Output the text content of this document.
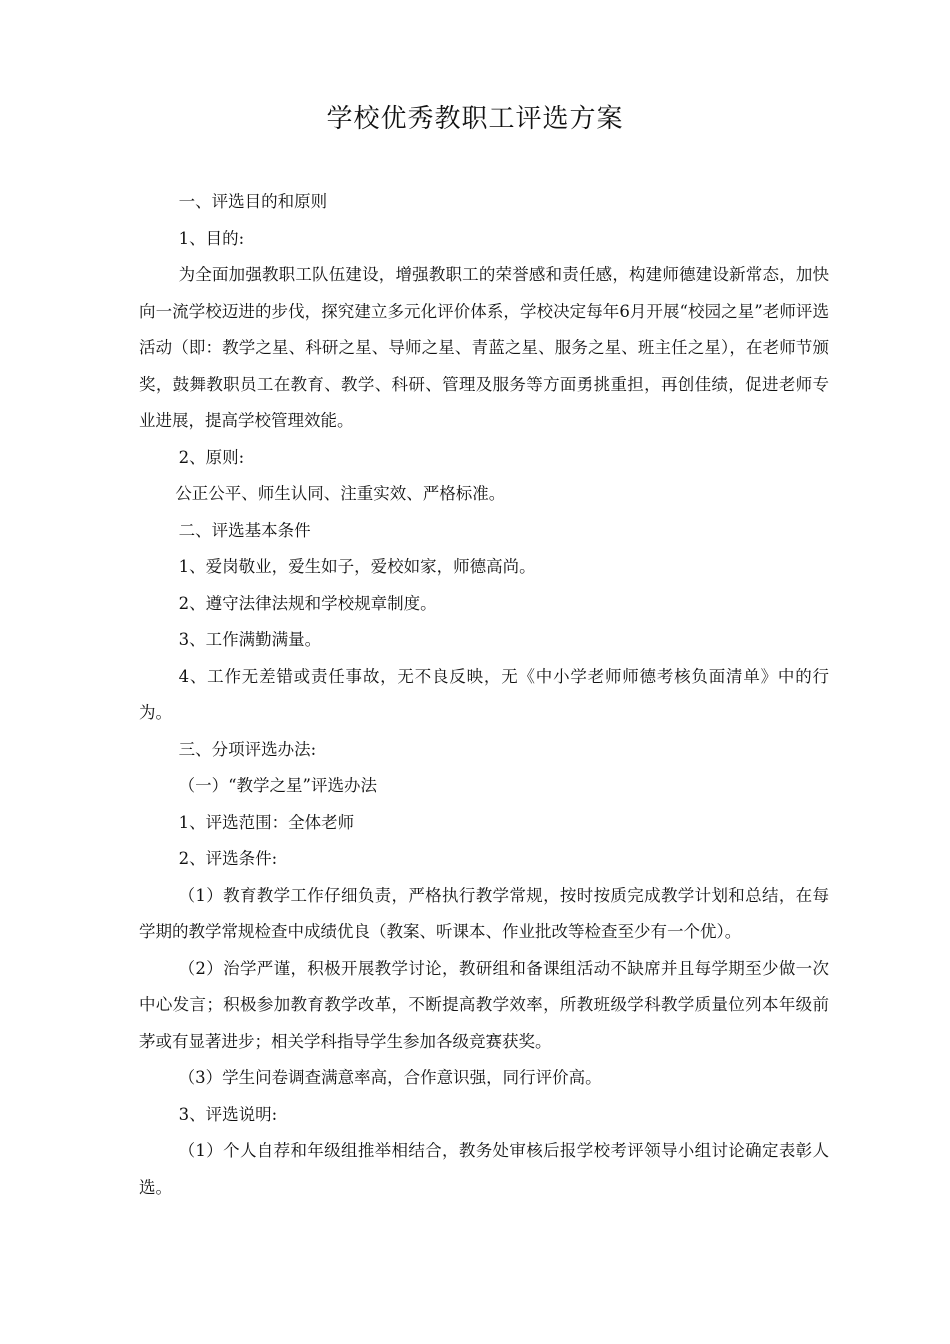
学校优秀教职工评选方案

一、评选目的和原则

1、目的:

为全面加强教职工队伍建设，增强教职工的荣誉感和责任感，构建师德建设新常态，加快向一流学校迈进的步伐，探究建立多元化评价体系，学校决定每年6月开展“校园之星”老师评选活动（即：教学之星、科研之星、导师之星、青蓝之星、服务之星、班主任之星），在老师节颁奖，鼓舞教职员工在教育、教学、科研、管理及服务等方面勇挑重担，再创佳绩，促进老师专业进展，提高学校管理效能。

2、原则:

公正公平、师生认同、注重实效、严格标准。

二、评选基本条件

1、爱岗敬业，爱生如子，爱校如家，师德高尚。

2、遵守法律法规和学校规章制度。

3、工作满勤满量。

4、工作无差错或责任事故，无不良反映，无《中小学老师师德考核负面清单》中的行为。

三、分项评选办法:

（一）“教学之星”评选办法

1、评选范围：全体老师

2、评选条件:

（1）教育教学工作仔细负责，严格执行教学常规，按时按质完成教学计划和总结，在每学期的教学常规检查中成绩优良（教案、听课本、作业批改等检查至少有一个优）。

（2）治学严谨，积极开展教学讨论，教研组和备课组活动不缺席并且每学期至少做一次中心发言；积极参加教育教学改革，不断提高教学效率，所教班级学科教学质量位列本年级前茅或有显著进步；相关学科指导学生参加各级竞赛获奖。

（3）学生问卷调查满意率高，合作意识强，同行评价高。

3、评选说明:

（1）个人自荐和年级组推举相结合，教务处审核后报学校考评领导小组讨论确定表彰人选。
